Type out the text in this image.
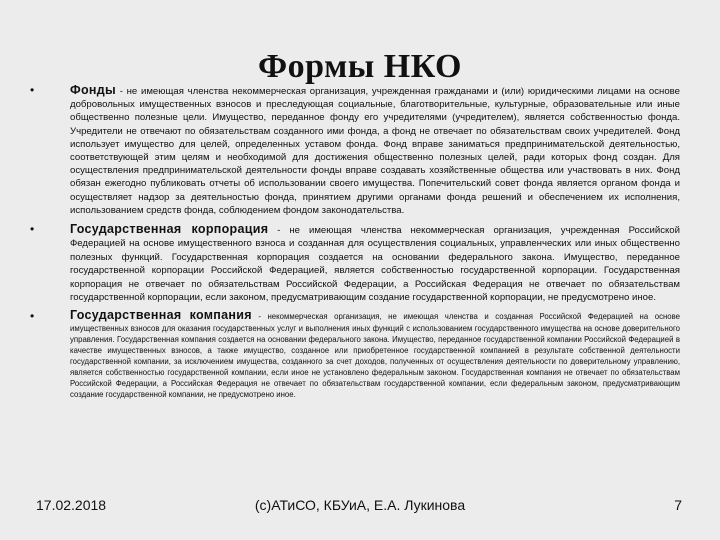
Формы НКО
•	Фонды - не имеющая членства некоммерческая организация, учрежденная гражданами и (или) юридическими лицами на основе добровольных имущественных взносов и преследующая социальные, благотворительные, культурные, образовательные или иные общественно полезные цели. Имущество, переданное фонду его учредителями (учредителем), является собственностью фонда. Учредители не отвечают по обязательствам созданного ими фонда, а фонд не отвечает по обязательствам своих учредителей. Фонд использует имущество для целей, определенных уставом фонда. Фонд вправе заниматься предпринимательской деятельностью, соответствующей этим целям и необходимой для достижения общественно полезных целей, ради которых фонд создан. Для осуществления предпринимательской деятельности фонды вправе создавать хозяйственные общества или участвовать в них. Фонд обязан ежегодно публиковать отчеты об использовании своего имущества. Попечительский совет фонда является органом фонда и осуществляет надзор за деятельностью фонда, принятием другими органами фонда решений и обеспечением их исполнения, использованием средств фонда, соблюдением фондом законодательства.
•	Государственная корпорация - не имеющая членства некоммерческая организация, учрежденная Российской Федерацией на основе имущественного взноса и созданная для осуществления социальных, управленческих или иных общественно полезных функций. Государственная корпорация создается на основании федерального закона. Имущество, переданное государственной корпорации Российской Федерацией, является собственностью государственной корпорации. Государственная корпорация не отвечает по обязательствам Российской Федерации, а Российская Федерация не отвечает по обязательствам государственной корпорации, если законом, предусматривающим создание государственной корпорации, не предусмотрено иное.
•	Государственная компания - некоммерческая организация, не имеющая членства и созданная Российской Федерацией на основе имущественных взносов для оказания государственных услуг и выполнения иных функций с использованием государственного имущества на основе доверительного управления. Государственная компания создается на основании федерального закона. Имущество, переданное государственной компании Российской Федерацией в качестве имущественных взносов, а также имущество, созданное или приобретенное государственной компанией в результате собственной деятельности государственной компании, за исключением имущества, созданного за счет доходов, полученных от осуществления деятельности по доверительному управлению, является собственностью государственной компании, если иное не установлено федеральным законом. Государственная компания не отвечает по обязательствам Российской Федерации, а Российская Федерация не отвечает по обязательствам государственной компании, если федеральным законом, предусматривающим создание государственной компании, не предусмотрено иное.
17.02.2018	(с)АТиСО, КБУиА, Е.А. Лукинова	7
